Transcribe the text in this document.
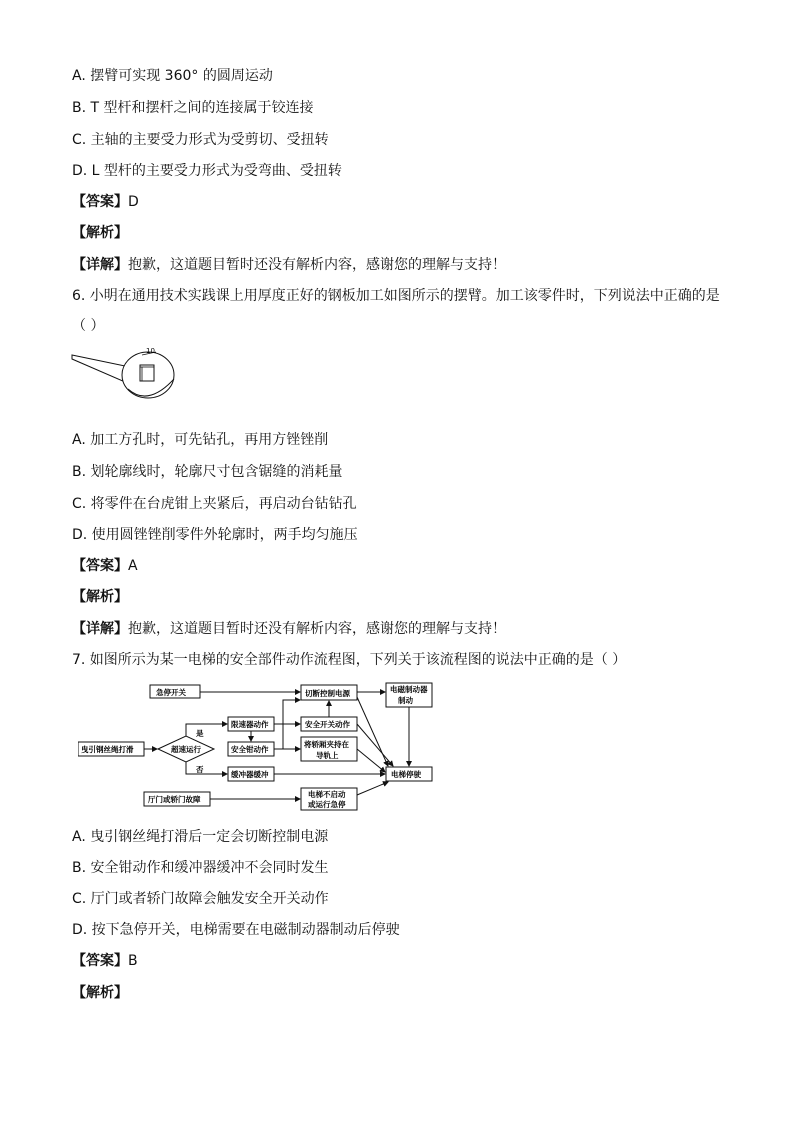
A. 摆臂可实现 360° 的圆周运动
B. T 型杆和摆杆之间的连接属于铰连接
C. 主轴的主要受力形式为受剪切、受扭转
D. L 型杆的主要受力形式为受弯曲、受扭转
【答案】D
【解析】
【详解】抱歉，这道题目暂时还没有解析内容，感谢您的理解与支持！
6. 小明在通用技术实践课上用厚度正好的钢板加工如图所示的摆臂。加工该零件时，下列说法中正确的是
（ ）
10
A. 加工方孔时，可先钻孔，再用方锉锉削
B. 划轮廓线时，轮廓尺寸包含锯缝的消耗量
C. 将零件在台虎钳上夹紧后，再启动台钻钻孔
D. 使用圆锉锉削零件外轮廓时，两手均匀施压
【答案】A
【解析】
【详解】抱歉，这道题目暂时还没有解析内容，感谢您的理解与支持！
7. 如图所示为某一电梯的安全部件动作流程图，下列关于该流程图的说法中正确的是（ ）
急停开关	切断控制电源	电磁制动器
制动
曳引钢丝绳打滑	超速运行
是
否
限速器动作	安全开关动作
安全钳动作
将轿厢夹持在
导轨上
缓冲器缓冲	电梯停驶
厅门或轿门故障
电梯不启动
或运行急停
A. 曳引钢丝绳打滑后一定会切断控制电源
B. 安全钳动作和缓冲器缓冲不会同时发生
C. 厅门或者轿门故障会触发安全开关动作
D. 按下急停开关，电梯需要在电磁制动器制动后停驶
【答案】B
【解析】
